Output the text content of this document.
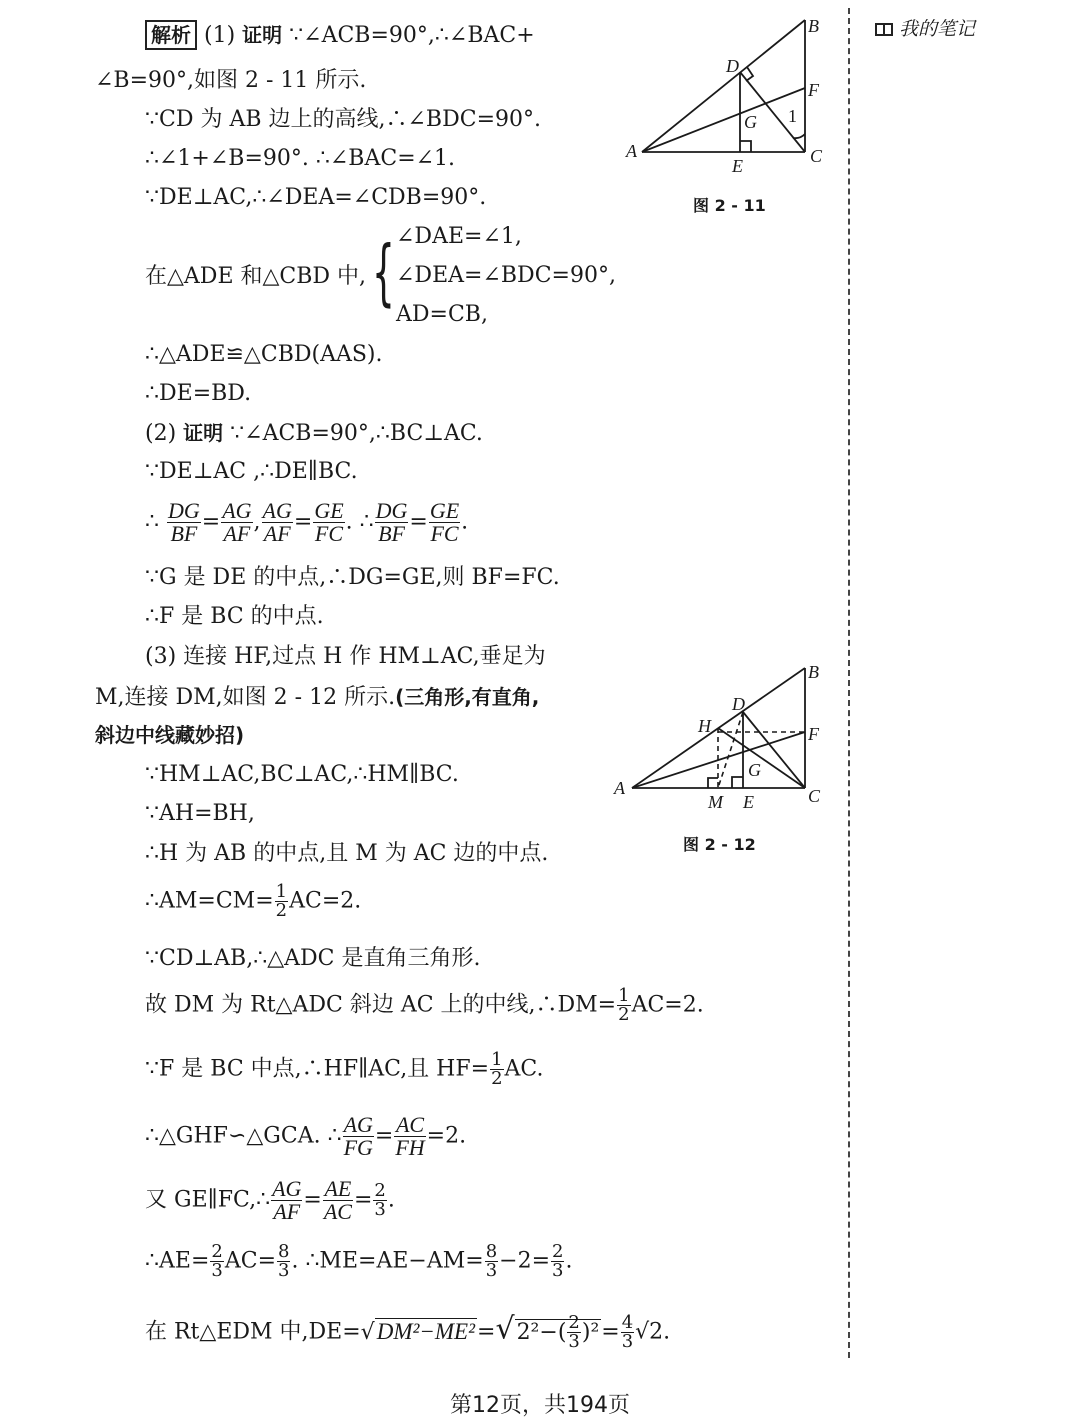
我的笔记
解析 (1) 证明 ∵∠ACB=90°,∴∠BAC+
∠B=90°,如图 2 - 11 所示.
∵CD 为 AB 边上的高线,∴∠BDC=90°.
∴∠1+∠B=90°. ∴∠BAC=∠1.
∵DE⊥AC,∴∠DEA=∠CDB=90°.
在△ADE 和△CBD 中, { ∠DAE=∠1,
∠DEA=∠BDC=90°,
AD=CB,
∴△ADE≌△CBD(AAS).
∴DE=BD.
(2) 证明 ∵∠ACB=90°,∴BC⊥AC.
∵DE⊥AC ,∴DE∥BC.
∴ $\frac{DG}{BF} = \frac{AG}{AF}$ , $\frac{AG}{AF} = \frac{GE}{FC}$ . ∴ $\frac{DG}{BF} = \frac{GE}{FC}$ .
∵G 是 DE 的中点,∴DG=GE,则 BF=FC.
∴F 是 BC 的中点.
(3) 连接 HF,过点 H 作 HM⊥AC,垂足为
M,连接 DM,如图 2 - 12 所示.(三角形,有直角,
斜边中线藏妙招)
∵HM⊥AC,BC⊥AC,∴HM∥BC.
∵AH=BH,
∴H 为 AB 的中点,且 M 为 AC 边的中点.
∴AM=CM= $\frac{1}{2} AC=2$.
∵CD⊥AB,∴△ADC 是直角三角形.
故 DM 为 Rt△ADC 斜边 AC 上的中线,∴DM= $\frac{1}{2} AC=2$.
∵F 是 BC 中点,∴HF∥AC,且 $HF= \frac{1}{2}$ AC.
∴△GHF∽△GCA. ∴ $\frac{AG}{FG} = \frac{AC}{FH} =2$.
又 GE∥FC,∴ $\frac{AG}{AF} = \frac{AE}{AC} = \frac{2}{3}$ .
∴AE= $\frac{2}{3} AC= \frac{8}{3}$ . ∴ME=AE−AM= $\frac{8}{3} -2= \frac{2}{3}$ .
在 Rt△EDM 中$,DE=√DM^2-ME^2=√2^2-( \frac{2}{3} )^2= \frac{4}{3} √2$.
A
B
C
D
E
F
G 1
图 2 - 11
A
B
C
D
E
F
G
H
M
图 2 - 12
第12页，共194页
